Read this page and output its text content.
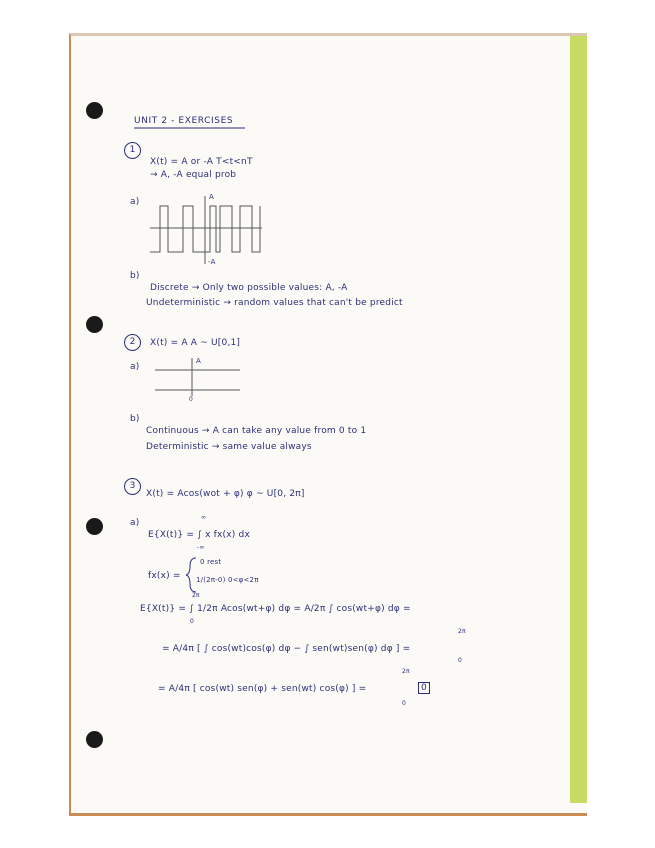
UNIT 2 - EXERCISES
1
X(t) = A or -A T<t<nT
→ A, -A equal prob
a)	A
-A
b)
Discrete → Only two possible values: A, -A
Undeterministic → random values that can't be predict
2	X(t) = A A ~ U[0,1]
a)
A
0
b)
Continuous → A can take any value from 0 to 1
Deterministic → same value always
3
X(t) = Acos(wot + φ) φ ~ U[0, 2π]
a)
E{X(t)} = ∫ x fx(x) dx
∞
-∞
fx(x) =
0 rest
1/(2π-0) 0<φ<2π
E{X(t)} = ∫ 1/2π Acos(wt+φ) dφ = A/2π ∫ cos(wt+φ) dφ =
2π
0
= A/4π [ ∫ cos(wt)cos(φ) dφ − ∫ sen(wt)sen(φ) dφ ] =
2π
0
= A/4π [ cos(wt) sen(φ) + sen(wt) cos(φ) ] =
2π
0
0
